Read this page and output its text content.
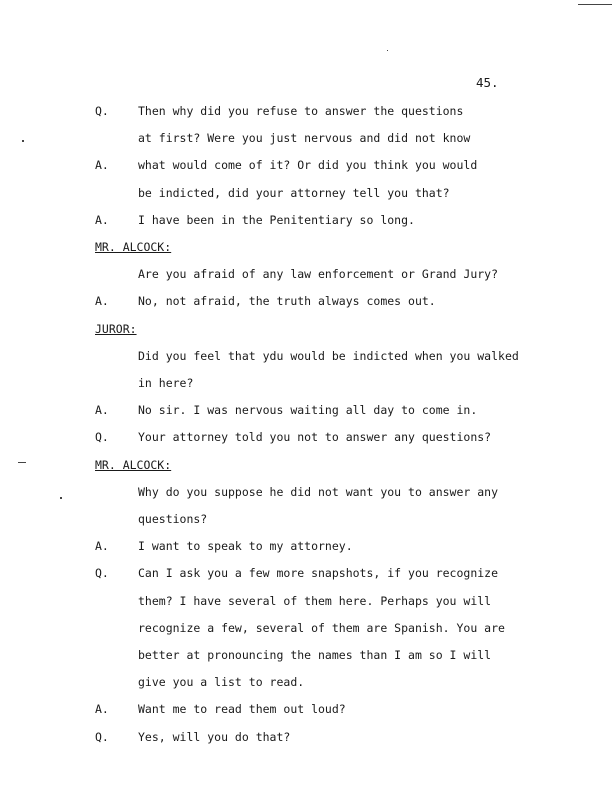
45.
Q.	Then why did you refuse to answer the questions
at first? Were you just nervous and did not know
A.	what would come of it? Or did you think you would
be indicted, did your attorney tell you that?
A.	I have been in the Penitentiary so long.
MR. ALCOCK:
Are you afraid of any law enforcement or Grand Jury?
A.	No, not afraid, the truth always comes out.
JUROR:
Did you feel that ydu would be indicted when you walked
in here?
A.	No sir. I was nervous waiting all day to come in.
Q.	Your attorney told you not to answer any questions?
MR. ALCOCK:
Why do you suppose he did not want you to answer any
questions?
A.	I want to speak to my attorney.
Q.	Can I ask you a few more snapshots, if you recognize
them? I have several of them here. Perhaps you will
recognize a few, several of them are Spanish. You are
better at pronouncing the names than I am so I will
give you a list to read.
A.	Want me to read them out loud?
Q.	Yes, will you do that?
